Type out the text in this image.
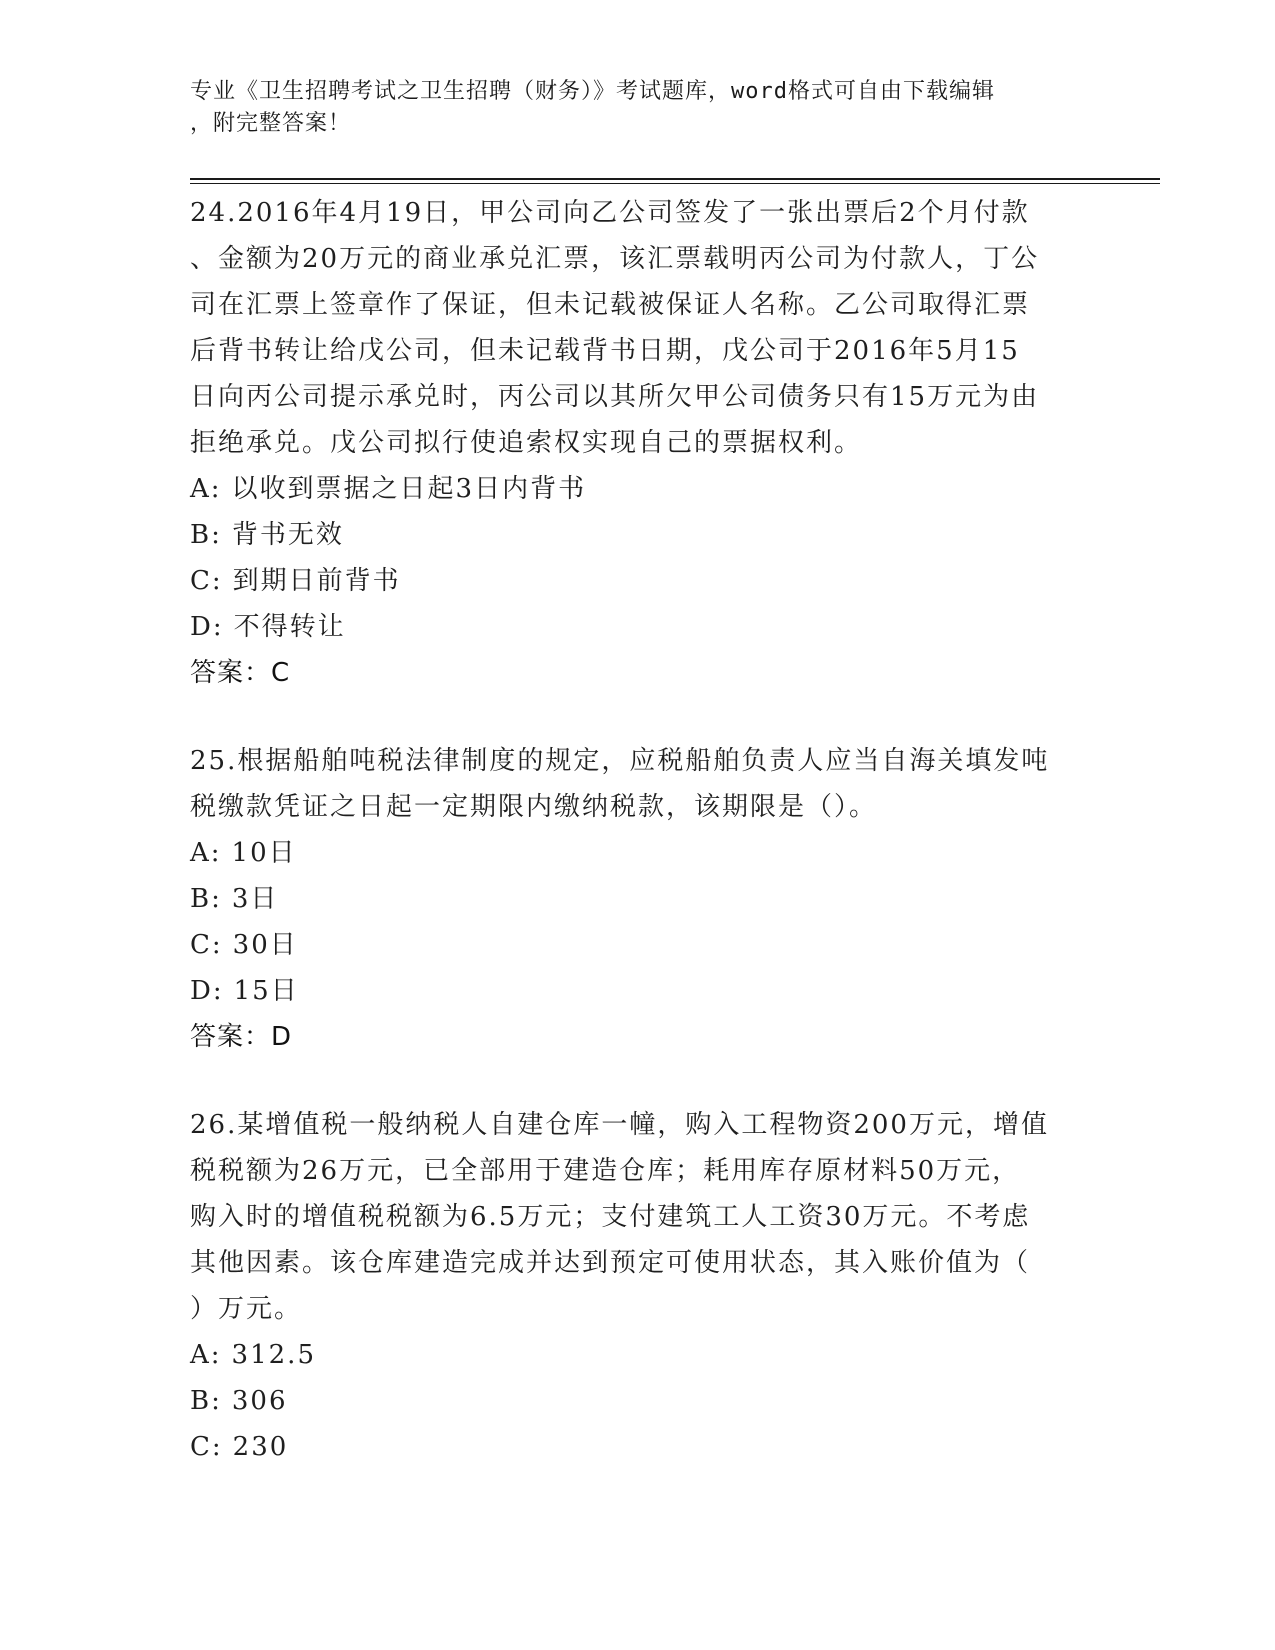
专业《卫生招聘考试之卫生招聘（财务）》考试题库，word格式可自由下载编辑
，附完整答案！

24.2016年4月19日，甲公司向乙公司签发了一张出票后2个月付款
、金额为20万元的商业承兑汇票，该汇票载明丙公司为付款人，丁公
司在汇票上签章作了保证，但未记载被保证人名称。乙公司取得汇票
后背书转让给戊公司，但未记载背书日期，戊公司于2016年5月15
日向丙公司提示承兑时，丙公司以其所欠甲公司债务只有15万元为由
拒绝承兑。戊公司拟行使追索权实现自己的票据权利。

A: 以收到票据之日起3日内背书

B: 背书无效

C: 到期日前背书

D: 不得转让

答案：C

25.根据船舶吨税法律制度的规定，应税船舶负责人应当自海关填发吨
税缴款凭证之日起一定期限内缴纳税款，该期限是（）。

A: 10日

B: 3日

C: 30日

D: 15日

答案：D

26.某增值税一般纳税人自建仓库一幢，购入工程物资200万元，增值
税税额为26万元，已全部用于建造仓库；耗用库存原材料50万元，
购入时的增值税税额为6.5万元；支付建筑工人工资30万元。不考虑
其他因素。该仓库建造完成并达到预定可使用状态，其入账价值为（
）万元。

A: 312.5

B: 306

C: 230
